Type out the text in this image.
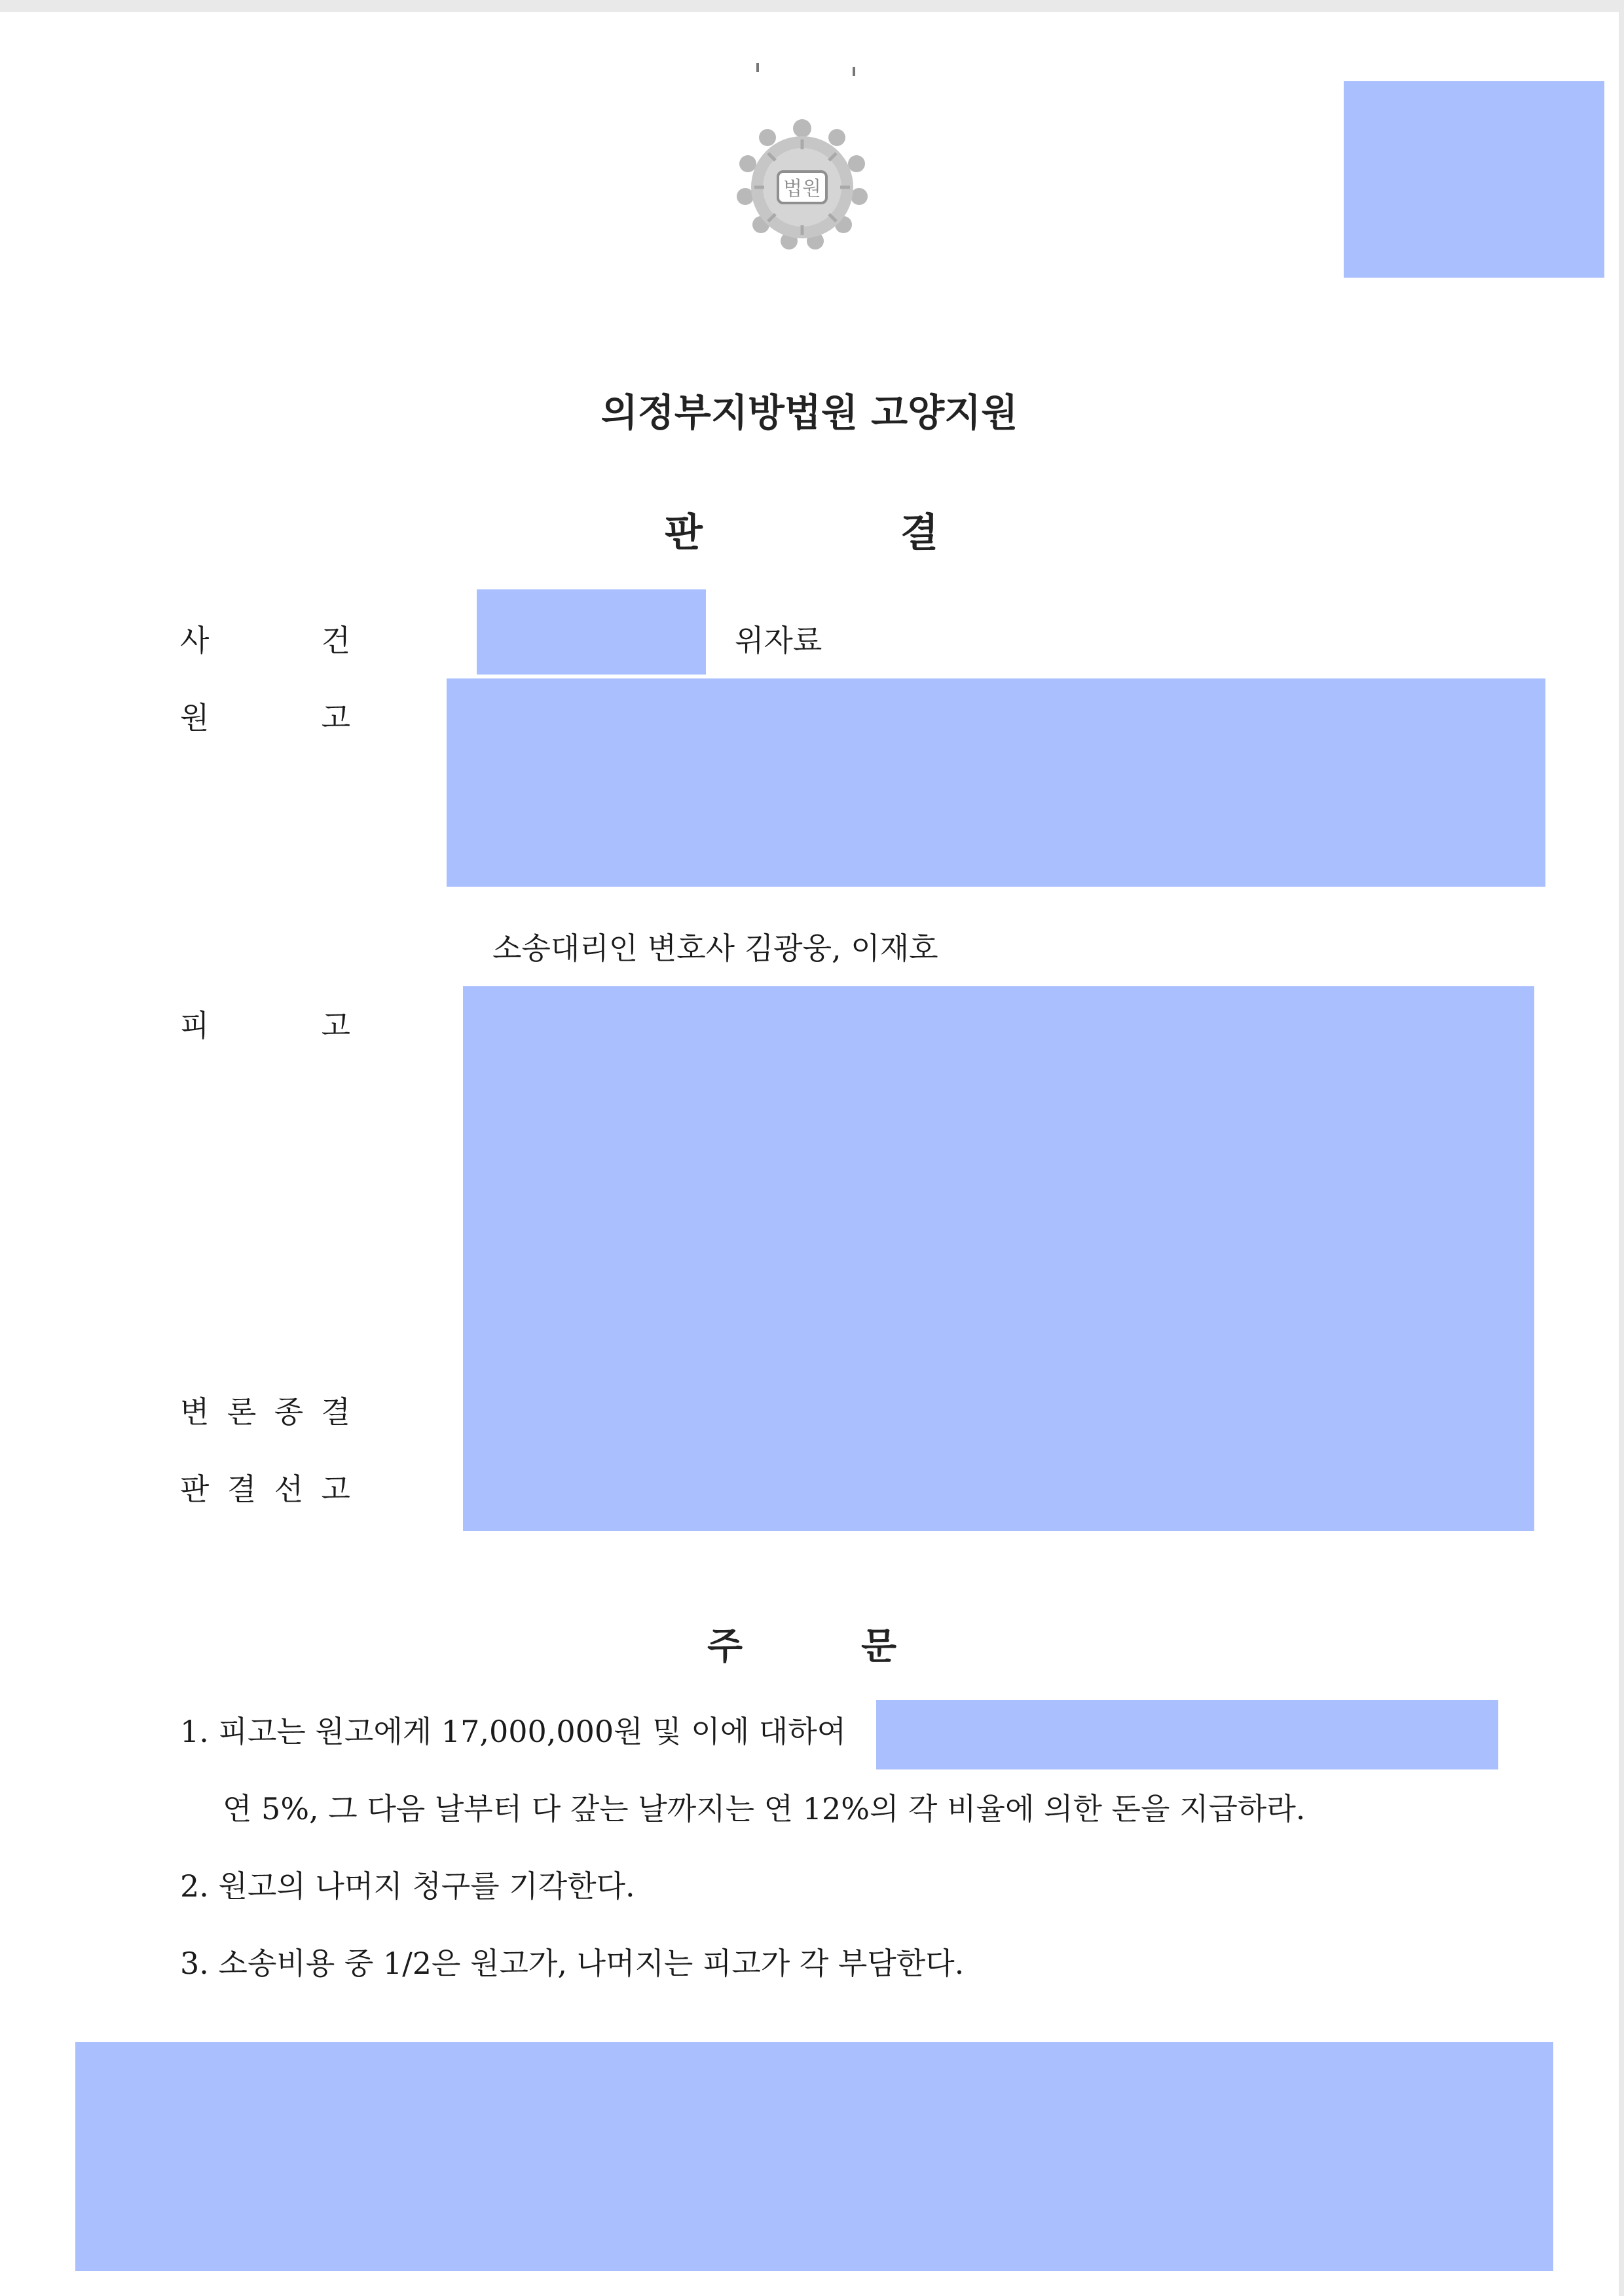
법원
의정부지방법원 고양지원
판	결
사	건	위자료
원	고
소송대리인 변호사 김광웅, 이재호
피	고
변 론 종 결
판 결 선 고
주	문
1. 피고는 원고에게 17,000,000원 및 이에 대하여
연 5%, 그 다음 날부터 다 갚는 날까지는 연 12%의 각 비율에 의한 돈을 지급하라.
2. 원고의 나머지 청구를 기각한다.
3. 소송비용 중 1/2은 원고가, 나머지는 피고가 각 부담한다.
